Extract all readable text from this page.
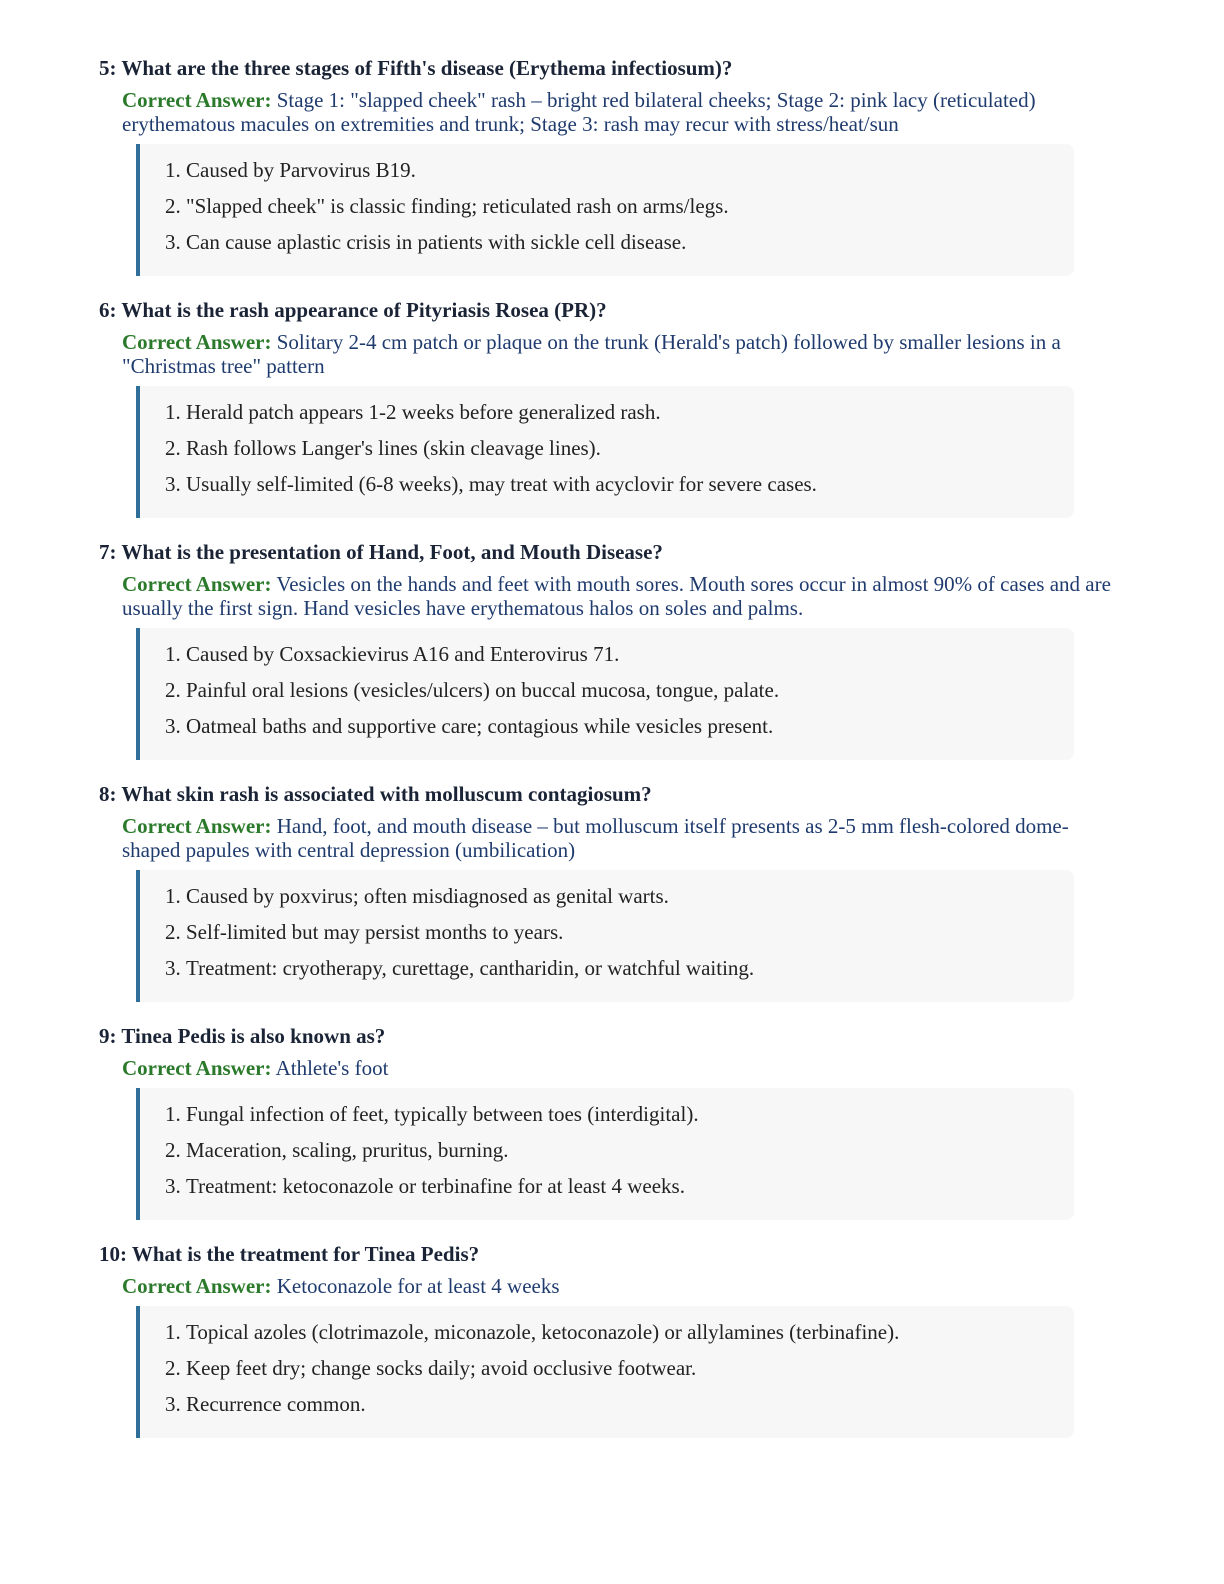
5: What are the three stages of Fifth's disease (Erythema infectiosum)?
Correct Answer: Stage 1: "slapped cheek" rash – bright red bilateral cheeks; Stage 2: pink lacy (reticulated) erythematous macules on extremities and trunk; Stage 3: rash may recur with stress/heat/sun
1. Caused by Parvovirus B19.
2. "Slapped cheek" is classic finding; reticulated rash on arms/legs.
3. Can cause aplastic crisis in patients with sickle cell disease.
6: What is the rash appearance of Pityriasis Rosea (PR)?
Correct Answer: Solitary 2-4 cm patch or plaque on the trunk (Herald's patch) followed by smaller lesions in a "Christmas tree" pattern
1. Herald patch appears 1-2 weeks before generalized rash.
2. Rash follows Langer's lines (skin cleavage lines).
3. Usually self-limited (6-8 weeks), may treat with acyclovir for severe cases.
7: What is the presentation of Hand, Foot, and Mouth Disease?
Correct Answer: Vesicles on the hands and feet with mouth sores. Mouth sores occur in almost 90% of cases and are usually the first sign. Hand vesicles have erythematous halos on soles and palms.
1. Caused by Coxsackievirus A16 and Enterovirus 71.
2. Painful oral lesions (vesicles/ulcers) on buccal mucosa, tongue, palate.
3. Oatmeal baths and supportive care; contagious while vesicles present.
8: What skin rash is associated with molluscum contagiosum?
Correct Answer: Hand, foot, and mouth disease – but molluscum itself presents as 2-5 mm flesh-colored dome-shaped papules with central depression (umbilication)
1. Caused by poxvirus; often misdiagnosed as genital warts.
2. Self-limited but may persist months to years.
3. Treatment: cryotherapy, curettage, cantharidin, or watchful waiting.
9: Tinea Pedis is also known as?
Correct Answer: Athlete's foot
1. Fungal infection of feet, typically between toes (interdigital).
2. Maceration, scaling, pruritus, burning.
3. Treatment: ketoconazole or terbinafine for at least 4 weeks.
10: What is the treatment for Tinea Pedis?
Correct Answer: Ketoconazole for at least 4 weeks
1. Topical azoles (clotrimazole, miconazole, ketoconazole) or allylamines (terbinafine).
2. Keep feet dry; change socks daily; avoid occlusive footwear.
3. Recurrence common.
